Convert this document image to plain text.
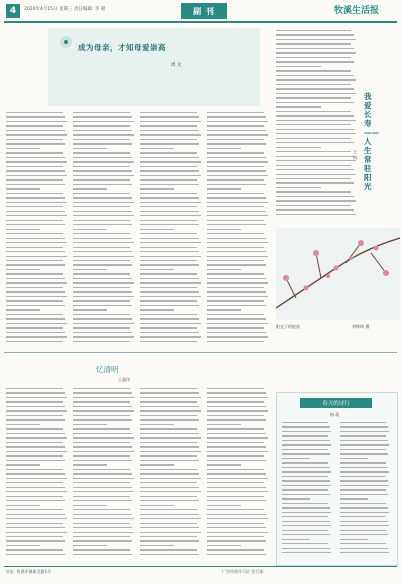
4	2020年4月15日 星期三 责任编辑: 李 锦	副 刊	牧溪生活报
成为母亲，才知母爱崇高
周 文
我爱长寿——人生常驻阳光
王 海
阳光下的绽放	刘峥坤 摄
忆清明
王鑫伟
春天的诗行
杨 晨
社址: 牧溪市镇新北路1号	广告经营许可证 发行部:
